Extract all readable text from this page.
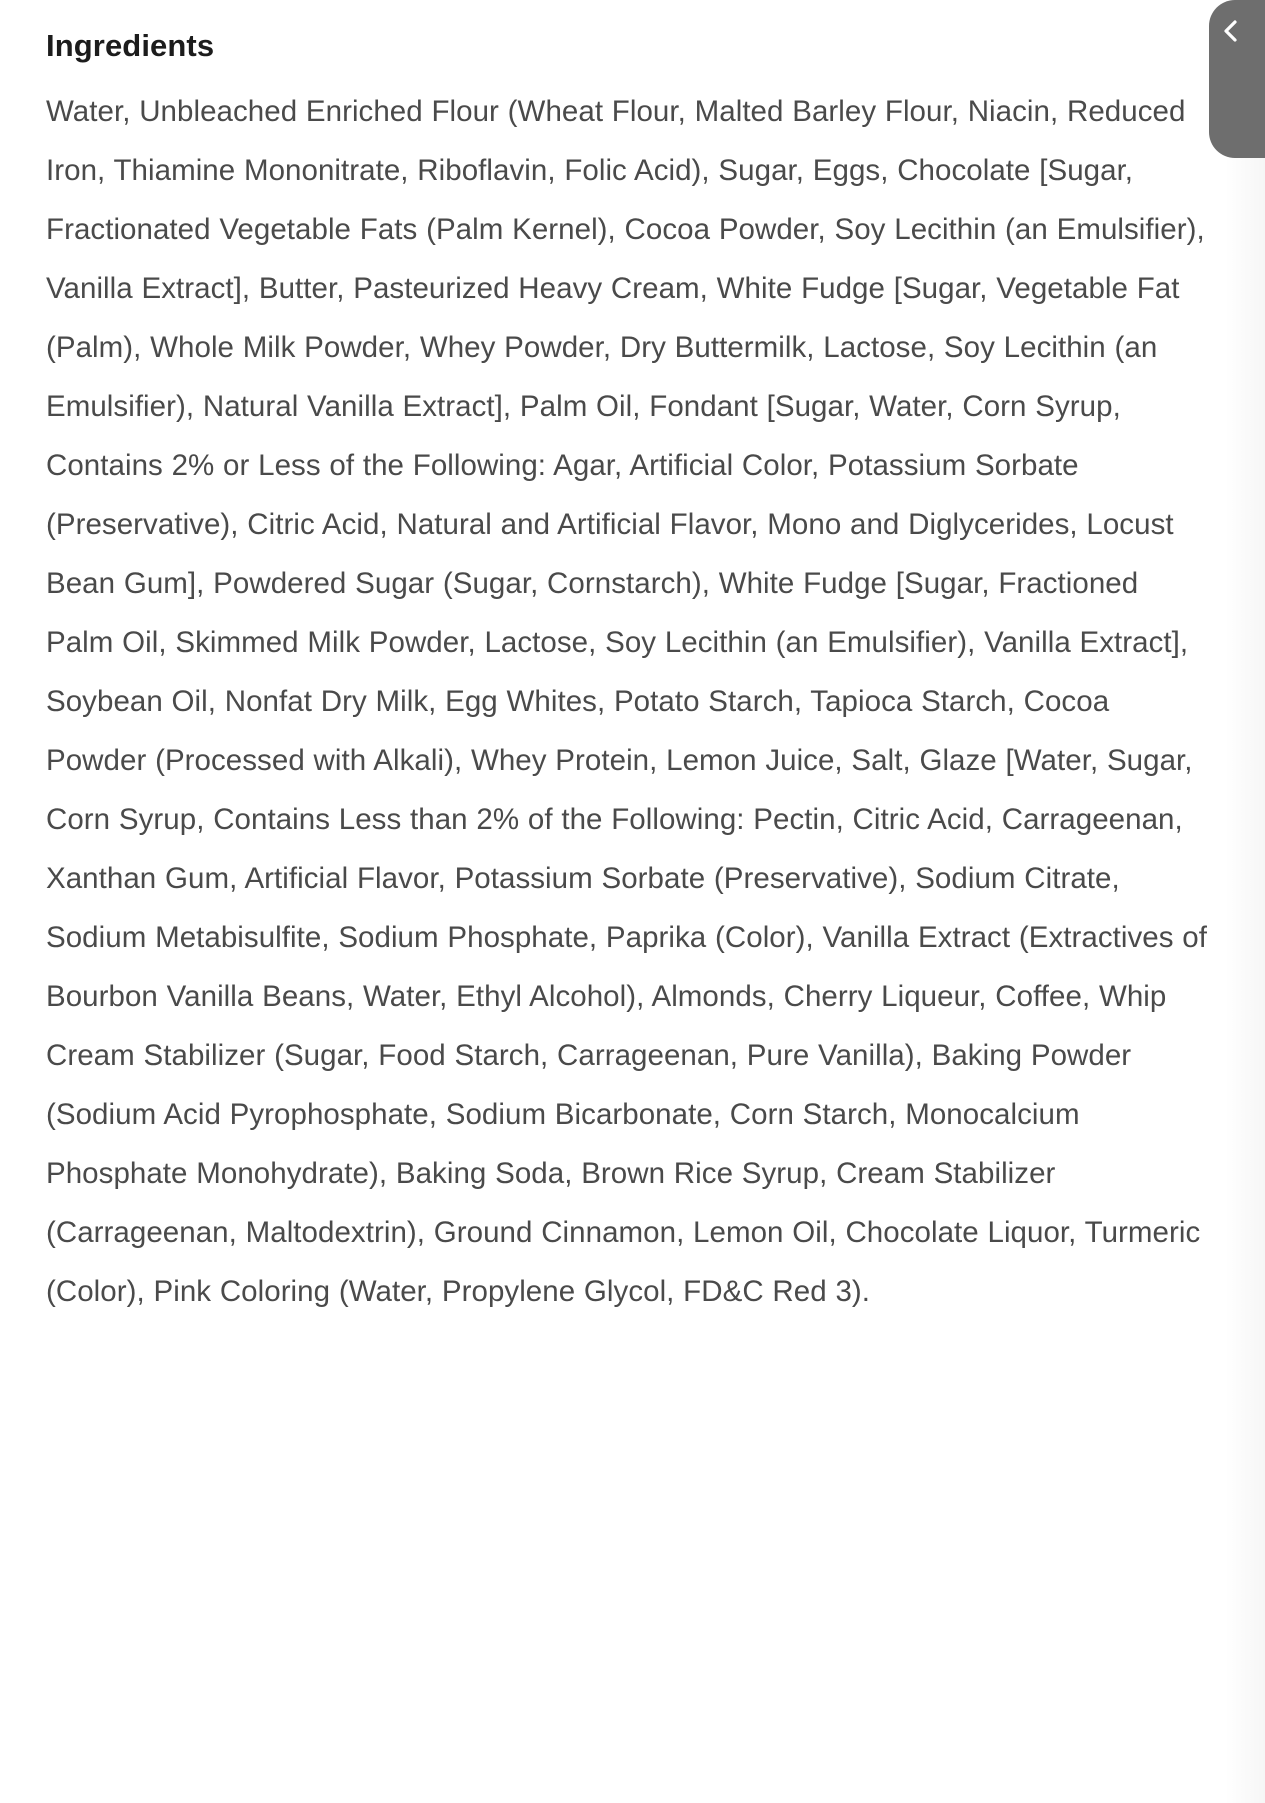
Ingredients
Water, Unbleached Enriched Flour (Wheat Flour, Malted Barley Flour, Niacin, Reduced Iron, Thiamine Mononitrate, Riboflavin, Folic Acid), Sugar, Eggs, Chocolate [Sugar, Fractionated Vegetable Fats (Palm Kernel), Cocoa Powder, Soy Lecithin (an Emulsifier), Vanilla Extract], Butter, Pasteurized Heavy Cream, White Fudge [Sugar, Vegetable Fat (Palm), Whole Milk Powder, Whey Powder, Dry Buttermilk, Lactose, Soy Lecithin (an Emulsifier), Natural Vanilla Extract], Palm Oil, Fondant [Sugar, Water, Corn Syrup, Contains 2% or Less of the Following: Agar, Artificial Color, Potassium Sorbate (Preservative), Citric Acid, Natural and Artificial Flavor, Mono and Diglycerides, Locust Bean Gum], Powdered Sugar (Sugar, Cornstarch), White Fudge [Sugar, Fractioned Palm Oil, Skimmed Milk Powder, Lactose, Soy Lecithin (an Emulsifier), Vanilla Extract], Soybean Oil, Nonfat Dry Milk, Egg Whites, Potato Starch, Tapioca Starch, Cocoa Powder (Processed with Alkali), Whey Protein, Lemon Juice, Salt, Glaze [Water, Sugar, Corn Syrup, Contains Less than 2% of the Following: Pectin, Citric Acid, Carrageenan, Xanthan Gum, Artificial Flavor, Potassium Sorbate (Preservative), Sodium Citrate, Sodium Metabisulfite, Sodium Phosphate, Paprika (Color), Vanilla Extract (Extractives of Bourbon Vanilla Beans, Water, Ethyl Alcohol), Almonds, Cherry Liqueur, Coffee, Whip Cream Stabilizer (Sugar, Food Starch, Carrageenan, Pure Vanilla), Baking Powder (Sodium Acid Pyrophosphate, Sodium Bicarbonate, Corn Starch, Monocalcium Phosphate Monohydrate), Baking Soda, Brown Rice Syrup, Cream Stabilizer (Carrageenan, Maltodextrin), Ground Cinnamon, Lemon Oil, Chocolate Liquor, Turmeric (Color), Pink Coloring (Water, Propylene Glycol, FD&C Red 3).
